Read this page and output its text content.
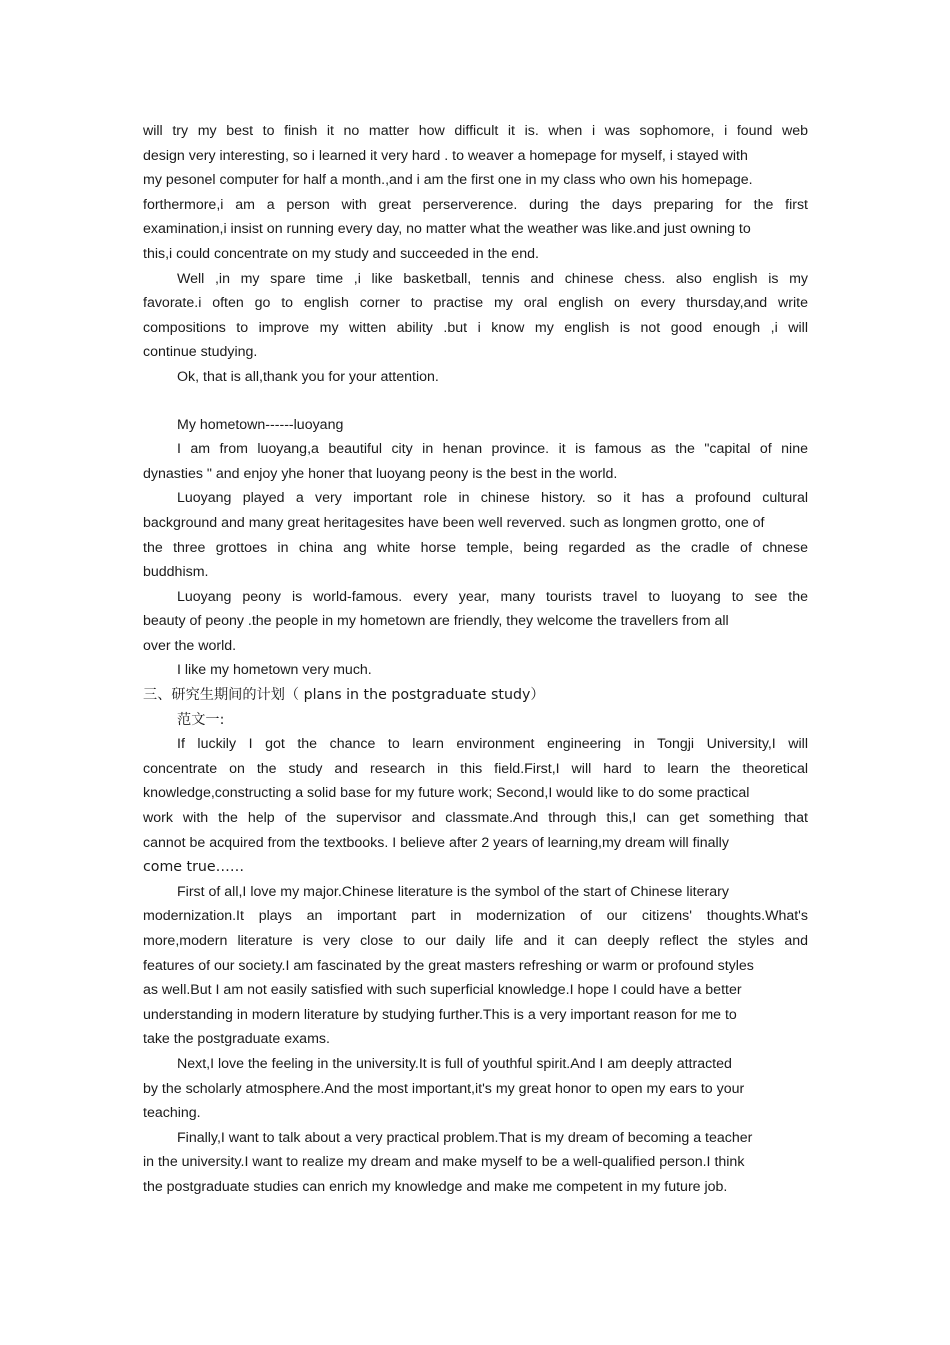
will try my best to finish it no matter how difficult it is. when i was sophomore, i found web
design very interesting, so i learned it very hard . to weaver a homepage for myself, i stayed with
my pesonel computer for half a month.,and i am the first one in my class who own his homepage.
forthermore,i am a person with great perserverence. during the days preparing for the first
examination,i insist on running every day, no matter what the weather was like.and just owning to
this,i could concentrate on my study and succeeded in the end.
Well ,in my spare time ,i like basketball, tennis and chinese chess. also english is my
favorate.i often go to english corner to practise my oral english on every thursday,and write
compositions to improve my witten ability .but i know my english is not good enough ,i will
continue studying.
Ok, that is all,thank you for your attention.
My hometown------luoyang
I am from luoyang,a beautiful city in henan province. it is famous as the "capital of nine
dynasties " and enjoy yhe honer that luoyang peony is the best in the world.
Luoyang played a very important role in chinese history. so it has a profound cultural
background and many great heritagesites have been well reverved. such as longmen grotto, one of
the three grottoes in china ang white horse temple, being regarded as the cradle of chnese
buddhism.
Luoyang peony is world-famous. every year, many tourists travel to luoyang to see the
beauty of peony .the people in my hometown are friendly, they welcome the travellers from all
over the world.
I like my hometown very much.
三、研究生期间的计划（ plans in the postgraduate study）
范文一:
If luckily I got the chance to learn environment engineering in Tongji University,I will
concentrate on the study and research in this field.First,I will hard to learn the theoretical
knowledge,constructing a solid base for my future work; Second,I would like to do some practical
work with the help of the supervisor and classmate.And through this,I can get something that
cannot be acquired from the textbooks. I believe after 2 years of learning,my dream will finally
come true……
First of all,I love my major.Chinese literature is the symbol of the start of Chinese literary
modernization.It plays an important part in modernization of our citizens' thoughts.What's
more,modern literature is very close to our daily life and it can deeply reflect the styles and
features of our society.I am fascinated by the great masters refreshing or warm or profound styles
as well.But I am not easily satisfied with such superficial knowledge.I hope I could have a better
understanding in modern literature by studying further.This is a very important reason for me to
take the postgraduate exams.
Next,I love the feeling in the university.It is full of youthful spirit.And I am deeply attracted
by the scholarly atmosphere.And the most important,it's my great honor to open my ears to your
teaching.
Finally,I want to talk about a very practical problem.That is my dream of becoming a teacher
in the university.I want to realize my dream and make myself to be a well-qualified person.I think
the postgraduate studies can enrich my knowledge and make me competent in my future job.
